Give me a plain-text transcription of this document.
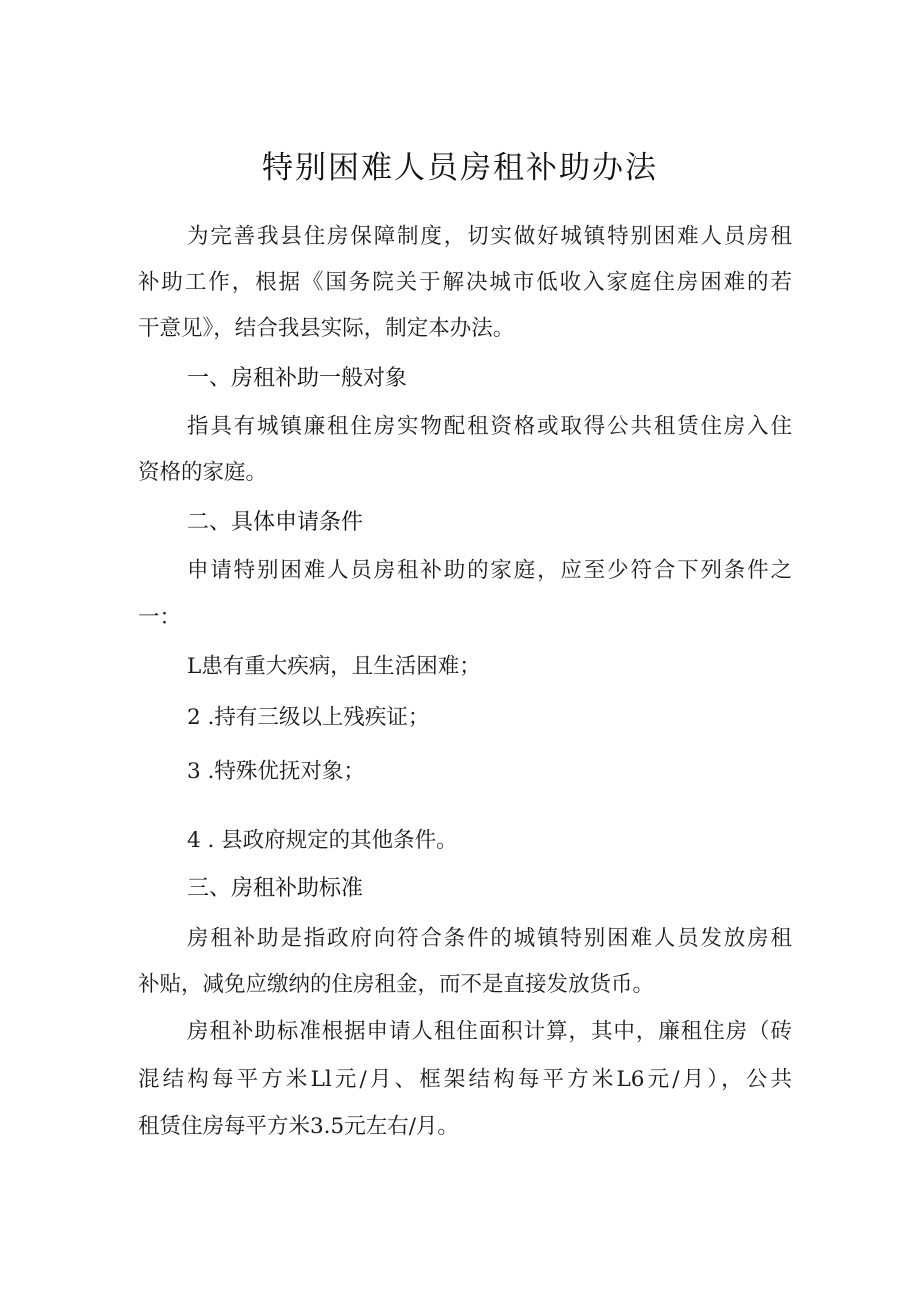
特别困难人员房租补助办法
为完善我县住房保障制度，切实做好城镇特别困难人员房租
补助工作，根据《国务院关于解决城市低收入家庭住房困难的若
干意见》，结合我县实际，制定本办法。
一、房租补助一般对象
指具有城镇廉租住房实物配租资格或取得公共租赁住房入住
资格的家庭。
二、具体申请条件
申请特别困难人员房租补助的家庭，应至少符合下列条件之
一：
L患有重大疾病，且生活困难；
2 .持有三级以上残疾证；
3 .特殊优抚对象；
4 . 县政府规定的其他条件。
三、房租补助标准
房租补助是指政府向符合条件的城镇特别困难人员发放房租
补贴，减免应缴纳的住房租金，而不是直接发放货币。
房租补助标准根据申请人租住面积计算，其中，廉租住房（砖
混结构每平方米Ll元/月、框架结构每平方米L6元/月），公共
租赁住房每平方米3.5元左右/月。
